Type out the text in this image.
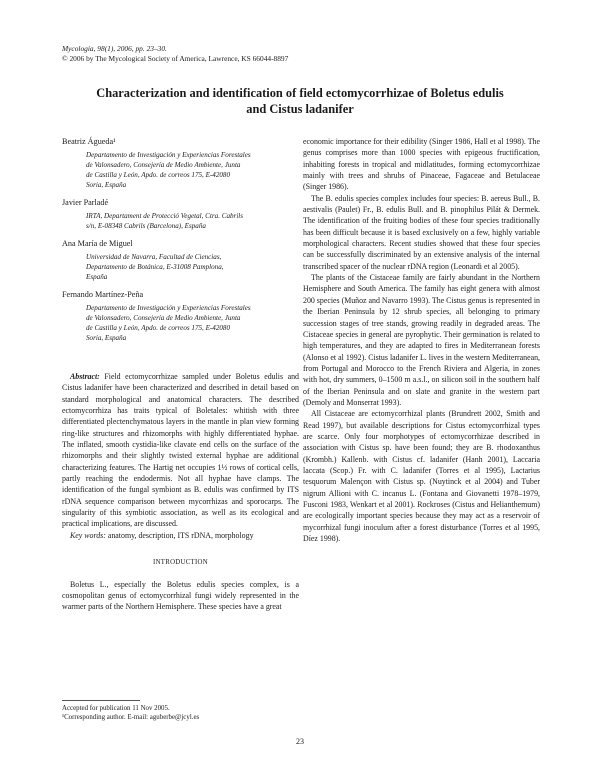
Mycologia, 98(1), 2006, pp. 23–30.
© 2006 by The Mycological Society of America, Lawrence, KS 66044-8897
Characterization and identification of field ectomycorrhizae of Boletus edulis
and Cistus ladanifer
Beatriz Águeda¹
Departamento de Investigación y Experiencias Forestales
de Valonsadero, Consejería de Medio Ambiente, Junta
de Castilla y León, Apdo. de correos 175, E-42080
Soria, España
Javier Parladé
IRTA, Departament de Protecció Vegetal, Ctra. Cabrils
s/n, E-08348 Cabrils (Barcelona), España
Ana María de Miguel
Universidad de Navarra, Facultad de Ciencias,
Departamento de Botánica, E-31008 Pamplona,
España
Fernando Martínez-Peña
Departamento de Investigación y Experiencias Forestales
de Valonsadero, Consejería de Medio Ambiente, Junta
de Castilla y León, Apdo. de correos 175, E-42080
Soria, España

Abstract: Field ectomycorrhizae sampled under Boletus edulis and Cistus ladanifer have been characterized and described in detail based on standard morphological and anatomical characters. The described ectomycorrhiza has traits typical of Boletales: whitish with three differentiated plectenchymatous layers in the mantle in plan view forming ring-like structures and rhizomorphs with highly differentiated hyphae. The inflated, smooth cystidia-like clavate end cells on the surface of the rhizomorphs and their slightly twisted external hyphae are additional characterizing features. The Hartig net occupies 1½ rows of cortical cells, partly reaching the endodermis. Not all hyphae have clamps. The identification of the fungal symbiont as B. edulis was confirmed by ITS rDNA sequence comparison between mycorrhizas and sporocarps. The singularity of this symbiotic association, as well as its ecological and practical implications, are discussed.

Key words: anatomy, description, ITS rDNA, morphology

INTRODUCTION

Boletus L., especially the Boletus edulis species complex, is a cosmopolitan genus of ectomycorrhizal fungi widely represented in the warmer parts of the Northern Hemisphere. These species have a great

economic importance for their edibility (Singer 1986, Hall et al 1998). The genus comprises more than 1000 species with epigeous fructification, inhabiting forests in tropical and midlatitudes, forming ectomycorrhizae mainly with trees and shrubs of Pinaceae, Fagaceae and Betulaceae (Singer 1986).

The B. edulis species complex includes four species: B. aereus Bull., B. aestivalis (Paulet) Fr., B. edulis Bull. and B. pinophilus Pilát & Dermek. The identification of the fruiting bodies of these four species traditionally has been difficult because it is based exclusively on a few, highly variable morphological characters. Recent studies showed that these four species can be successfully discriminated by an extensive analysis of the internal transcribed spacer of the nuclear rDNA region (Leonardi et al 2005).

The plants of the Cistaceae family are fairly abundant in the Northern Hemisphere and South America. The family has eight genera with almost 200 species (Muñoz and Navarro 1993). The Cistus genus is represented in the Iberian Peninsula by 12 shrub species, all belonging to primary succession stages of tree stands, growing readily in degraded areas. The Cistaceae species in general are pyrophytic. Their germination is related to high temperatures, and they are adapted to fires in Mediterranean forests (Alonso et al 1992). Cistus ladanifer L. lives in the western Mediterranean, from Portugal and Morocco to the French Riviera and Algeria, in zones with hot, dry summers, 0–1500 m a.s.l., on silicon soil in the southern half of the Iberian Peninsula and on slate and granite in the western part (Demoly and Monserrat 1993).

All Cistaceae are ectomycorrhizal plants (Brundrett 2002, Smith and Read 1997), but available descriptions for Cistus ectomycorrhizal types are scarce. Only four morphotypes of ectomycorrhizae described in association with Cistus sp. have been found; they are B. rhodoxanthus (Krombh.) Kallenb. with Cistus cf. ladanifer (Hanh 2001), Laccaria laccata (Scop.) Fr. with C. ladanifer (Torres et al 1995), Lactarius tesquorum Malençon with Cistus sp. (Nuytinck et al 2004) and Tuber nigrum Allioni with C. incanus L. (Fontana and Giovanetti 1978–1979, Fusconi 1983, Wenkart et al 2001). Rockroses (Cistus and Helianthemum) are ecologically important species because they may act as a reservoir of mycorrhizal fungi inoculum after a forest disturbance (Torres et al 1995, Díez 1998).

Accepted for publication 11 Nov 2005.
¹Corresponding author. E-mail: aguberbe@jcyl.es
23
